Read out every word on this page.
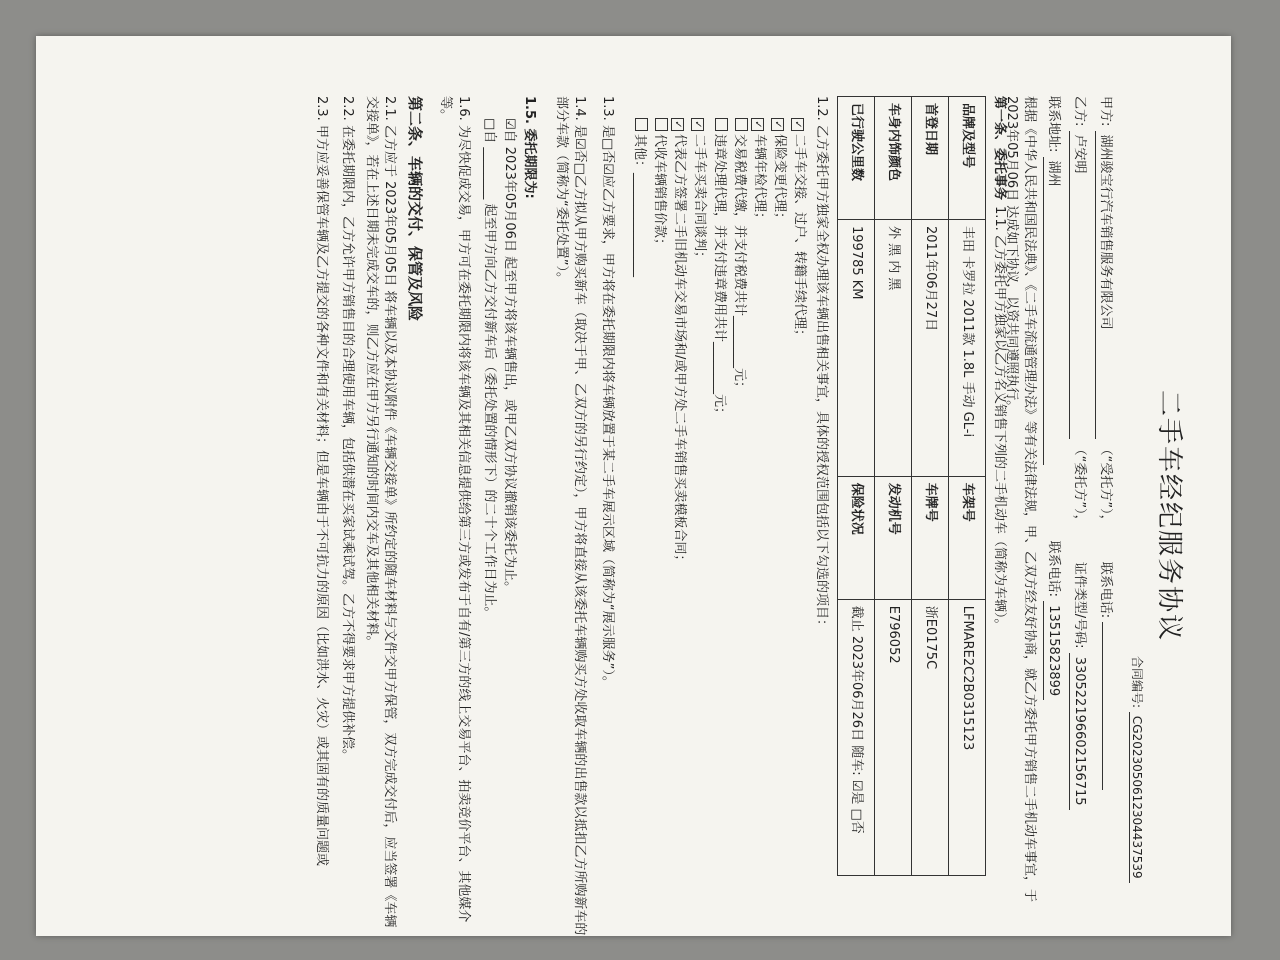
二手车经纪服务协议
合同编号: CG2023050612304437539
甲方: 湖州骏宝行汽车销售服务有限公司 （“受托方”）， 联系电话:
乙方: 卢安明 （“委托方”）， 证件类型/号码: 330522196602156715
联系地址: 湖州 联系电话: 13515823899
根据《中华人民共和国民法典》、《二手车流通管理办法》等有关法律法规，甲、乙双方经友好协商，就乙方委托甲方销售二手机动车事宜，于 2023年05月06日 达成如下协议，以资共同遵照执行。
第一条、委托事务
1.1. 乙方委托甲方独家以乙方名义销售下列的二手机动车（简称为车辆）。
品牌及型号	丰田 卡罗拉 2011款 1.8L 手动 GL-i	车架号	LFMARE2C2B0315123
首登日期	2011年06月27日	车牌号	浙E0175C
车身内饰颜色	外 黑 内 黑	发动机号	E796052
已行驶公里数	199785 KM	保险状况	截止 2023年06月26日 随车: ☑是 □否
1.2. 乙方委托甲方独家全权办理该车辆出售相关事宜，具体的授权范围包括以下勾选的项目：
✓二手车交接、过户、转籍手续代理；
✓保险变更代理；
✓车辆年检代理；
交易税费代缴，并支付税费共计________元；
违章处理代理，并支付违章费用共计________元；
✓二手车买卖合同谈判；
✓代表乙方签署二手旧机动车交易市场和/或甲方处二手车销售买卖模板合同；
代收车辆销售价款；
其他：________________
1.3. 是□否☑应乙方要求，甲方将在委托期限内将车辆放置于某二手车展示区域（简称为“展示服务”）。
1.4. 是☑否□乙方拟从甲方购买新车（取决于甲、乙双方的另行约定），甲方将直接从该委托车辆购买方处收取车辆的出售款以抵扣乙方所购新车的部分车款（简称为“委托处置”）。
1.5. 委托期限为:
☑自 2023年05月06日 起至甲方将该车辆售出，或甲乙双方协议撤销该委托为止。
□自 ________ 起至甲方向乙方交付新车后（委托处置的情形下）的二十个工作日为止。
1.6. 为尽快促成交易，甲方可在委托期限内将该车辆及其相关信息提供给第三方或发布于自有/第三方的线上交易平台、拍卖竞价平台、其他媒介等。
第二条、车辆的交付、保管及风险
2.1. 乙方应于 2023年05月05日 将车辆以及本协议附件《车辆交接单》所约定的随车材料与文件交甲方保管，双方完成交付后，应当签署《车辆交接单》，若在上述日期未完成交车的，则乙方应在甲方另行通知的时间内交车及其他相关材料。
2.2. 在委托期限内，乙方允许甲方销售目的合理使用车辆，包括供潜在买家试乘试驾。乙方不得要求甲方提供补偿。
2.3. 甲方应妥善保管车辆及乙方提交的各种文件和有关材料；但是车辆由于不可抗力的原因（比如洪水、火灾）或其固有的质量问题或
